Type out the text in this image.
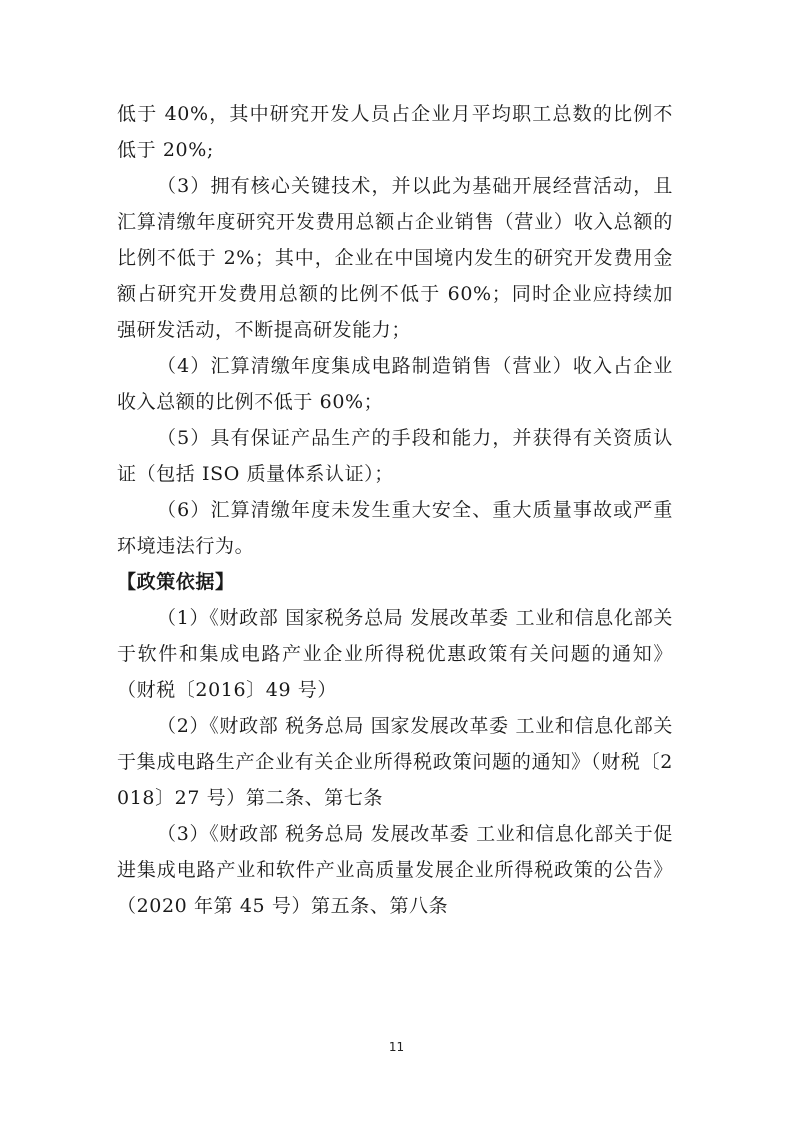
低于 40%，其中研究开发人员占企业月平均职工总数的比例不低于 20%;

（3）拥有核心关键技术，并以此为基础开展经营活动，且汇算清缴年度研究开发费用总额占企业销售（营业）收入总额的比例不低于 2%；其中，企业在中国境内发生的研究开发费用金额占研究开发费用总额的比例不低于 60%；同时企业应持续加强研发活动，不断提高研发能力；

（4）汇算清缴年度集成电路制造销售（营业）收入占企业收入总额的比例不低于 60%；

（5）具有保证产品生产的手段和能力，并获得有关资质认证（包括 ISO 质量体系认证）；

（6）汇算清缴年度未发生重大安全、重大质量事故或严重环境违法行为。

【政策依据】

（1）《财政部 国家税务总局 发展改革委 工业和信息化部关于软件和集成电路产业企业所得税优惠政策有关问题的通知》（财税〔2016〕49 号）

（2）《财政部 税务总局 国家发展改革委 工业和信息化部关于集成电路生产企业有关企业所得税政策问题的通知》（财税〔2018〕27 号）第二条、第七条

（3）《财政部 税务总局 发展改革委 工业和信息化部关于促进集成电路产业和软件产业高质量发展企业所得税政策的公告》（2020 年第 45 号）第五条、第八条

11
